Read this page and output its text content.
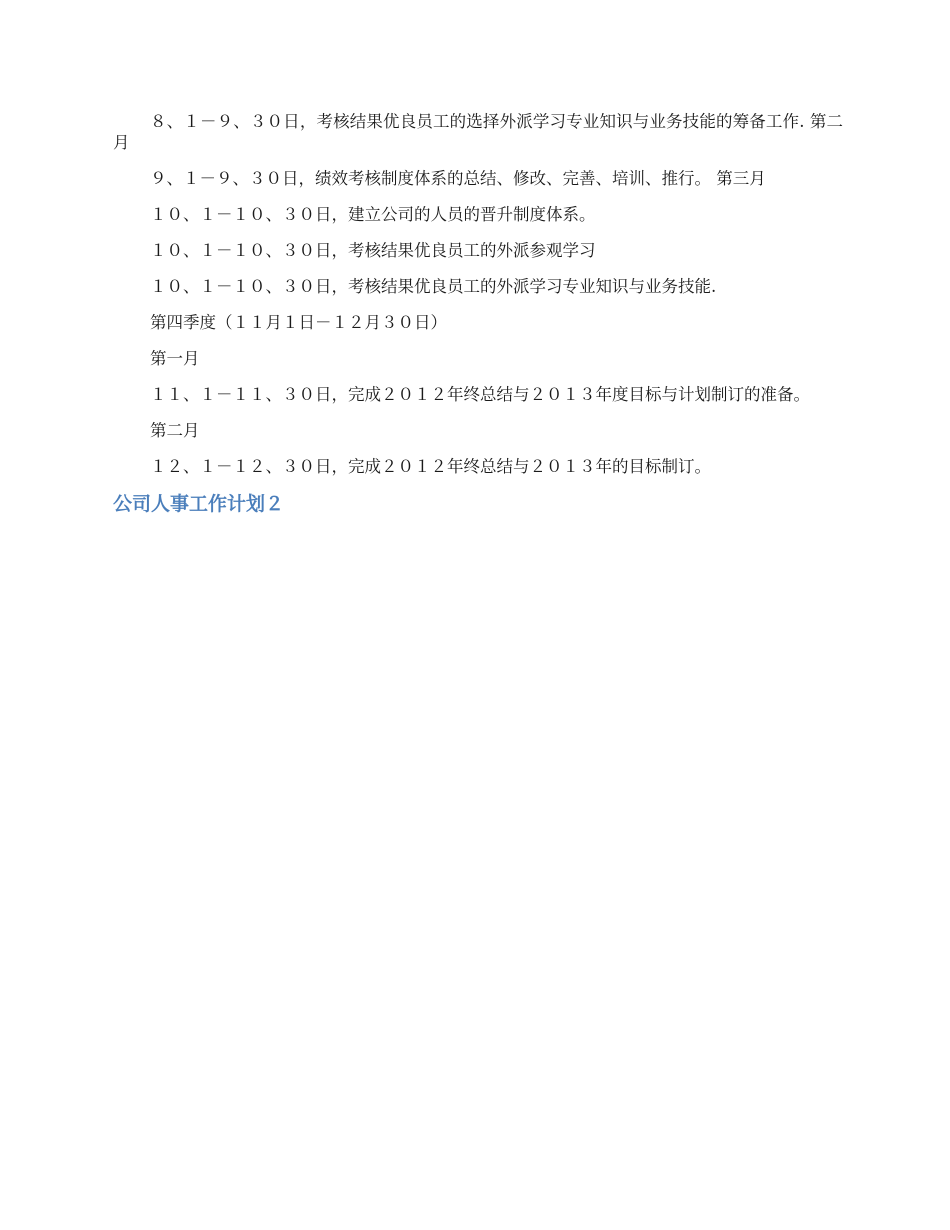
８、１－９、３０日，考核结果优良员工的选择外派学习专业知识与业务技能的筹备工作. 第二月

９、１－９、３０日，绩效考核制度体系的总结、修改、完善、培训、推行。 第三月

１０、１－１０、３０日，建立公司的人员的晋升制度体系。

１０、１－１０、３０日，考核结果优良员工的外派参观学习

１０、１－１０、３０日，考核结果优良员工的外派学习专业知识与业务技能.

第四季度（１１月１日－１２月３０日）

第一月

１１、１－１１、３０日，完成２０１２年终总结与２０１３年度目标与计划制订的准备。

第二月

１２、１－１２、３０日，完成２０１２年终总结与２０１３年的目标制订。

公司人事工作计划２
